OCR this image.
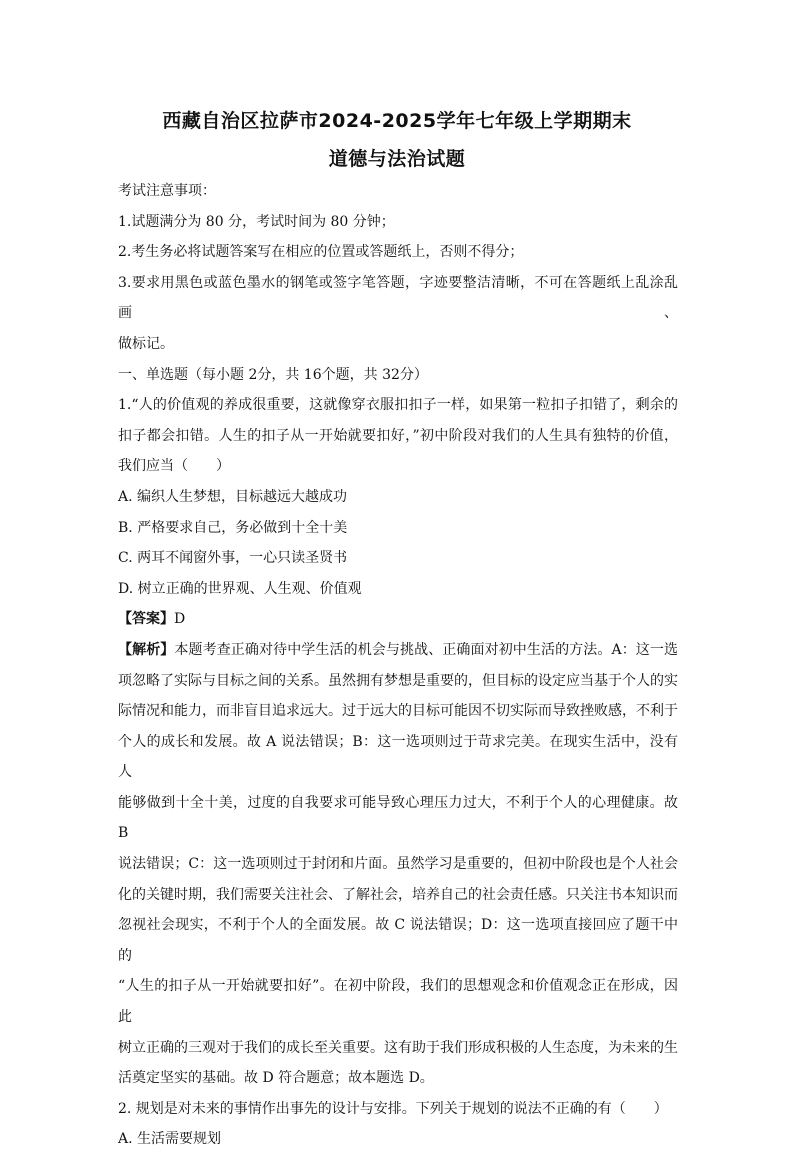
西藏自治区拉萨市2024-2025学年七年级上学期期末
道德与法治试题

考试注意事项：

1.试题满分为 80 分，考试时间为 80 分钟；

2.考生务必将试题答案写在相应的位置或答题纸上，否则不得分；

3.要求用黑色或蓝色墨水的钢笔或签字笔答题，字迹要整洁清晰，不可在答题纸上乱涂乱画、

做标记。

一、单选题（每小题 2分，共 16个题，共 32分）

1.“人的价值观的养成很重要，这就像穿衣服扣扣子一样，如果第一粒扣子扣错了，剩余的

扣子都会扣错。人生的扣子从一开始就要扣好，”初中阶段对我们的人生具有独特的价值，

我们应当（　　）

A. 编织人生梦想，目标越远大越成功

B. 严格要求自己，务必做到十全十美

C. 两耳不闻窗外事，一心只读圣贤书

D. 树立正确的世界观、人生观、价值观

【答案】D

【解析】本题考查正确对待中学生活的机会与挑战、正确面对初中生活的方法。A：这一选

项忽略了实际与目标之间的关系。虽然拥有梦想是重要的，但目标的设定应当基于个人的实

际情况和能力，而非盲目追求远大。过于远大的目标可能因不切实际而导致挫败感，不利于

个人的成长和发展。故 A 说法错误；B：这一选项则过于苛求完美。在现实生活中，没有人

能够做到十全十美，过度的自我要求可能导致心理压力过大，不利于个人的心理健康。故 B

说法错误；C：这一选项则过于封闭和片面。虽然学习是重要的，但初中阶段也是个人社会

化的关键时期，我们需要关注社会、了解社会，培养自己的社会责任感。只关注书本知识而

忽视社会现实，不利于个人的全面发展。故 C 说法错误；D：这一选项直接回应了题干中的

“人生的扣子从一开始就要扣好”。在初中阶段，我们的思想观念和价值观念正在形成，因此

树立正确的三观对于我们的成长至关重要。这有助于我们形成积极的人生态度，为未来的生

活奠定坚实的基础。故 D 符合题意；故本题选 D。

2. 规划是对未来的事情作出事先的设计与安排。下列关于规划的说法不正确的有（　　）

A. 生活需要规划
